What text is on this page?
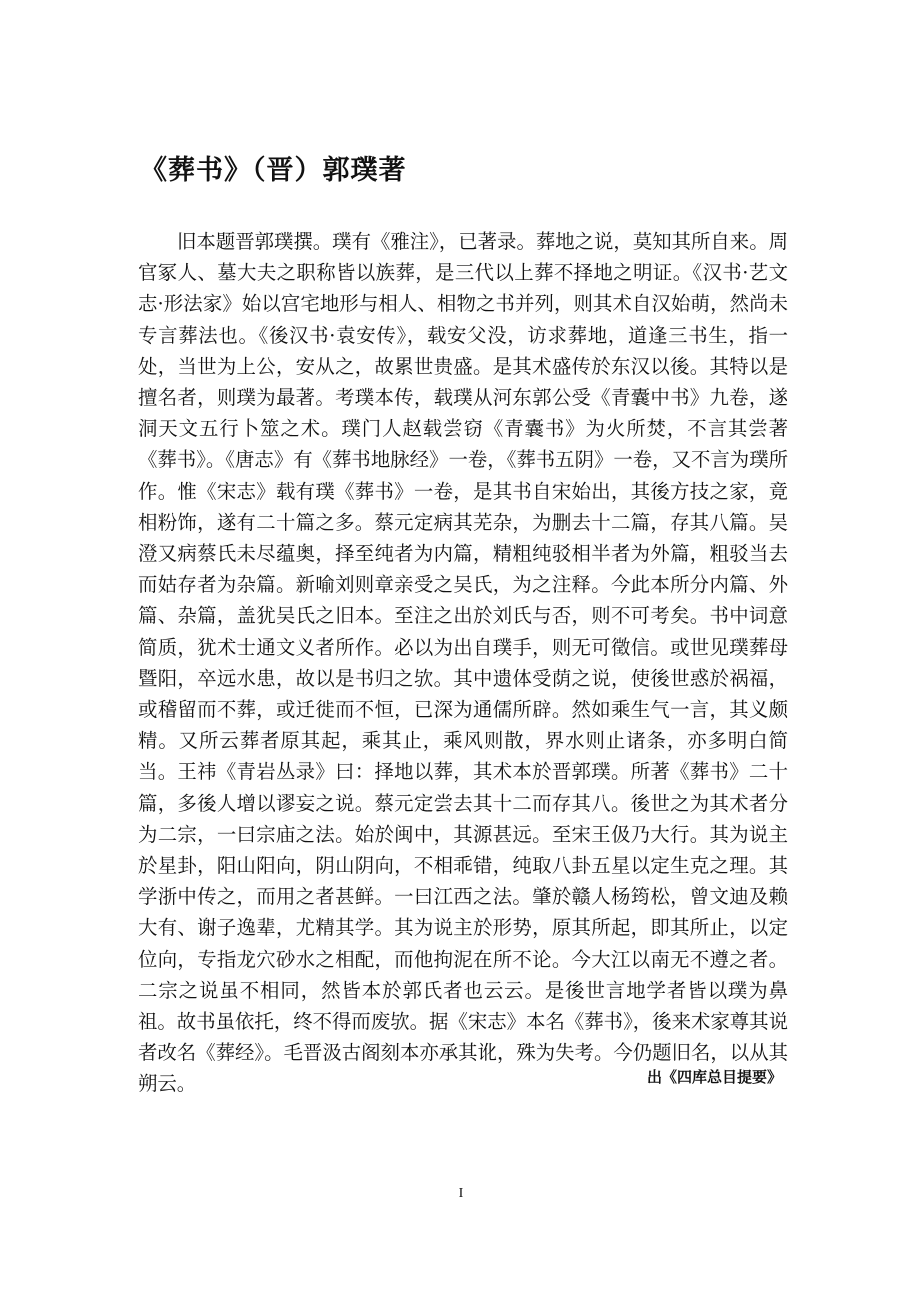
《葬书》（晋）郭璞著

旧本题晋郭璞撰。璞有《雅注》，已著录。葬地之说，莫知其所自来。周官冢人、墓大夫之职称皆以族葬，是三代以上葬不择地之明证。《汉书·艺文志·形法家》始以宫宅地形与相人、相物之书并列，则其术自汉始萌，然尚未专言葬法也。《後汉书·袁安传》，载安父没，访求葬地，道逢三书生，指一处，当世为上公，安从之，故累世贵盛。是其术盛传於东汉以後。其特以是擅名者，则璞为最著。考璞本传，载璞从河东郭公受《青囊中书》九卷，遂洞天文五行卜筮之术。璞门人赵载尝窃《青囊书》为火所焚，不言其尝著《葬书》。《唐志》有《葬书地脉经》一卷，《葬书五阴》一卷，又不言为璞所作。惟《宋志》载有璞《葬书》一卷，是其书自宋始出，其後方技之家，竟相粉饰，遂有二十篇之多。蔡元定病其芜杂，为删去十二篇，存其八篇。吴澄又病蔡氏未尽蕴奥，择至纯者为内篇，精粗纯驳相半者为外篇，粗驳当去而姑存者为杂篇。新喻刘则章亲受之吴氏，为之注释。今此本所分内篇、外篇、杂篇，盖犹吴氏之旧本。至注之出於刘氏与否，则不可考矣。书中词意简质，犹术士通文义者所作。必以为出自璞手，则无可徵信。或世见璞葬母暨阳，卒远水患，故以是书归之欤。其中遗体受荫之说，使後世惑於祸福，或稽留而不葬，或迁徙而不恒，已深为通儒所辟。然如乘生气一言，其义颇精。又所云葬者原其起，乘其止，乘风则散，界水则止诸条，亦多明白简当。王祎《青岩丛录》曰：择地以葬，其术本於晋郭璞。所著《葬书》二十篇，多後人增以谬妄之说。蔡元定尝去其十二而存其八。後世之为其术者分为二宗，一曰宗庙之法。始於闽中，其源甚远。至宋王伋乃大行。其为说主於星卦，阳山阳向，阴山阴向，不相乖错，纯取八卦五星以定生克之理。其学浙中传之，而用之者甚鲜。一曰江西之法。肇於赣人杨筠松，曾文迪及赖大有、谢子逸辈，尤精其学。其为说主於形势，原其所起，即其所止，以定位向，专指龙穴砂水之相配，而他拘泥在所不论。今大江以南无不遵之者。二宗之说虽不相同，然皆本於郭氏者也云云。是後世言地学者皆以璞为鼻祖。故书虽依托，终不得而废欤。据《宋志》本名《葬书》，後来术家尊其说者改名《葬经》。毛晋汲古阁刻本亦承其讹，殊为失考。今仍题旧名，以从其朔云。	出《四库总目提要》

I
